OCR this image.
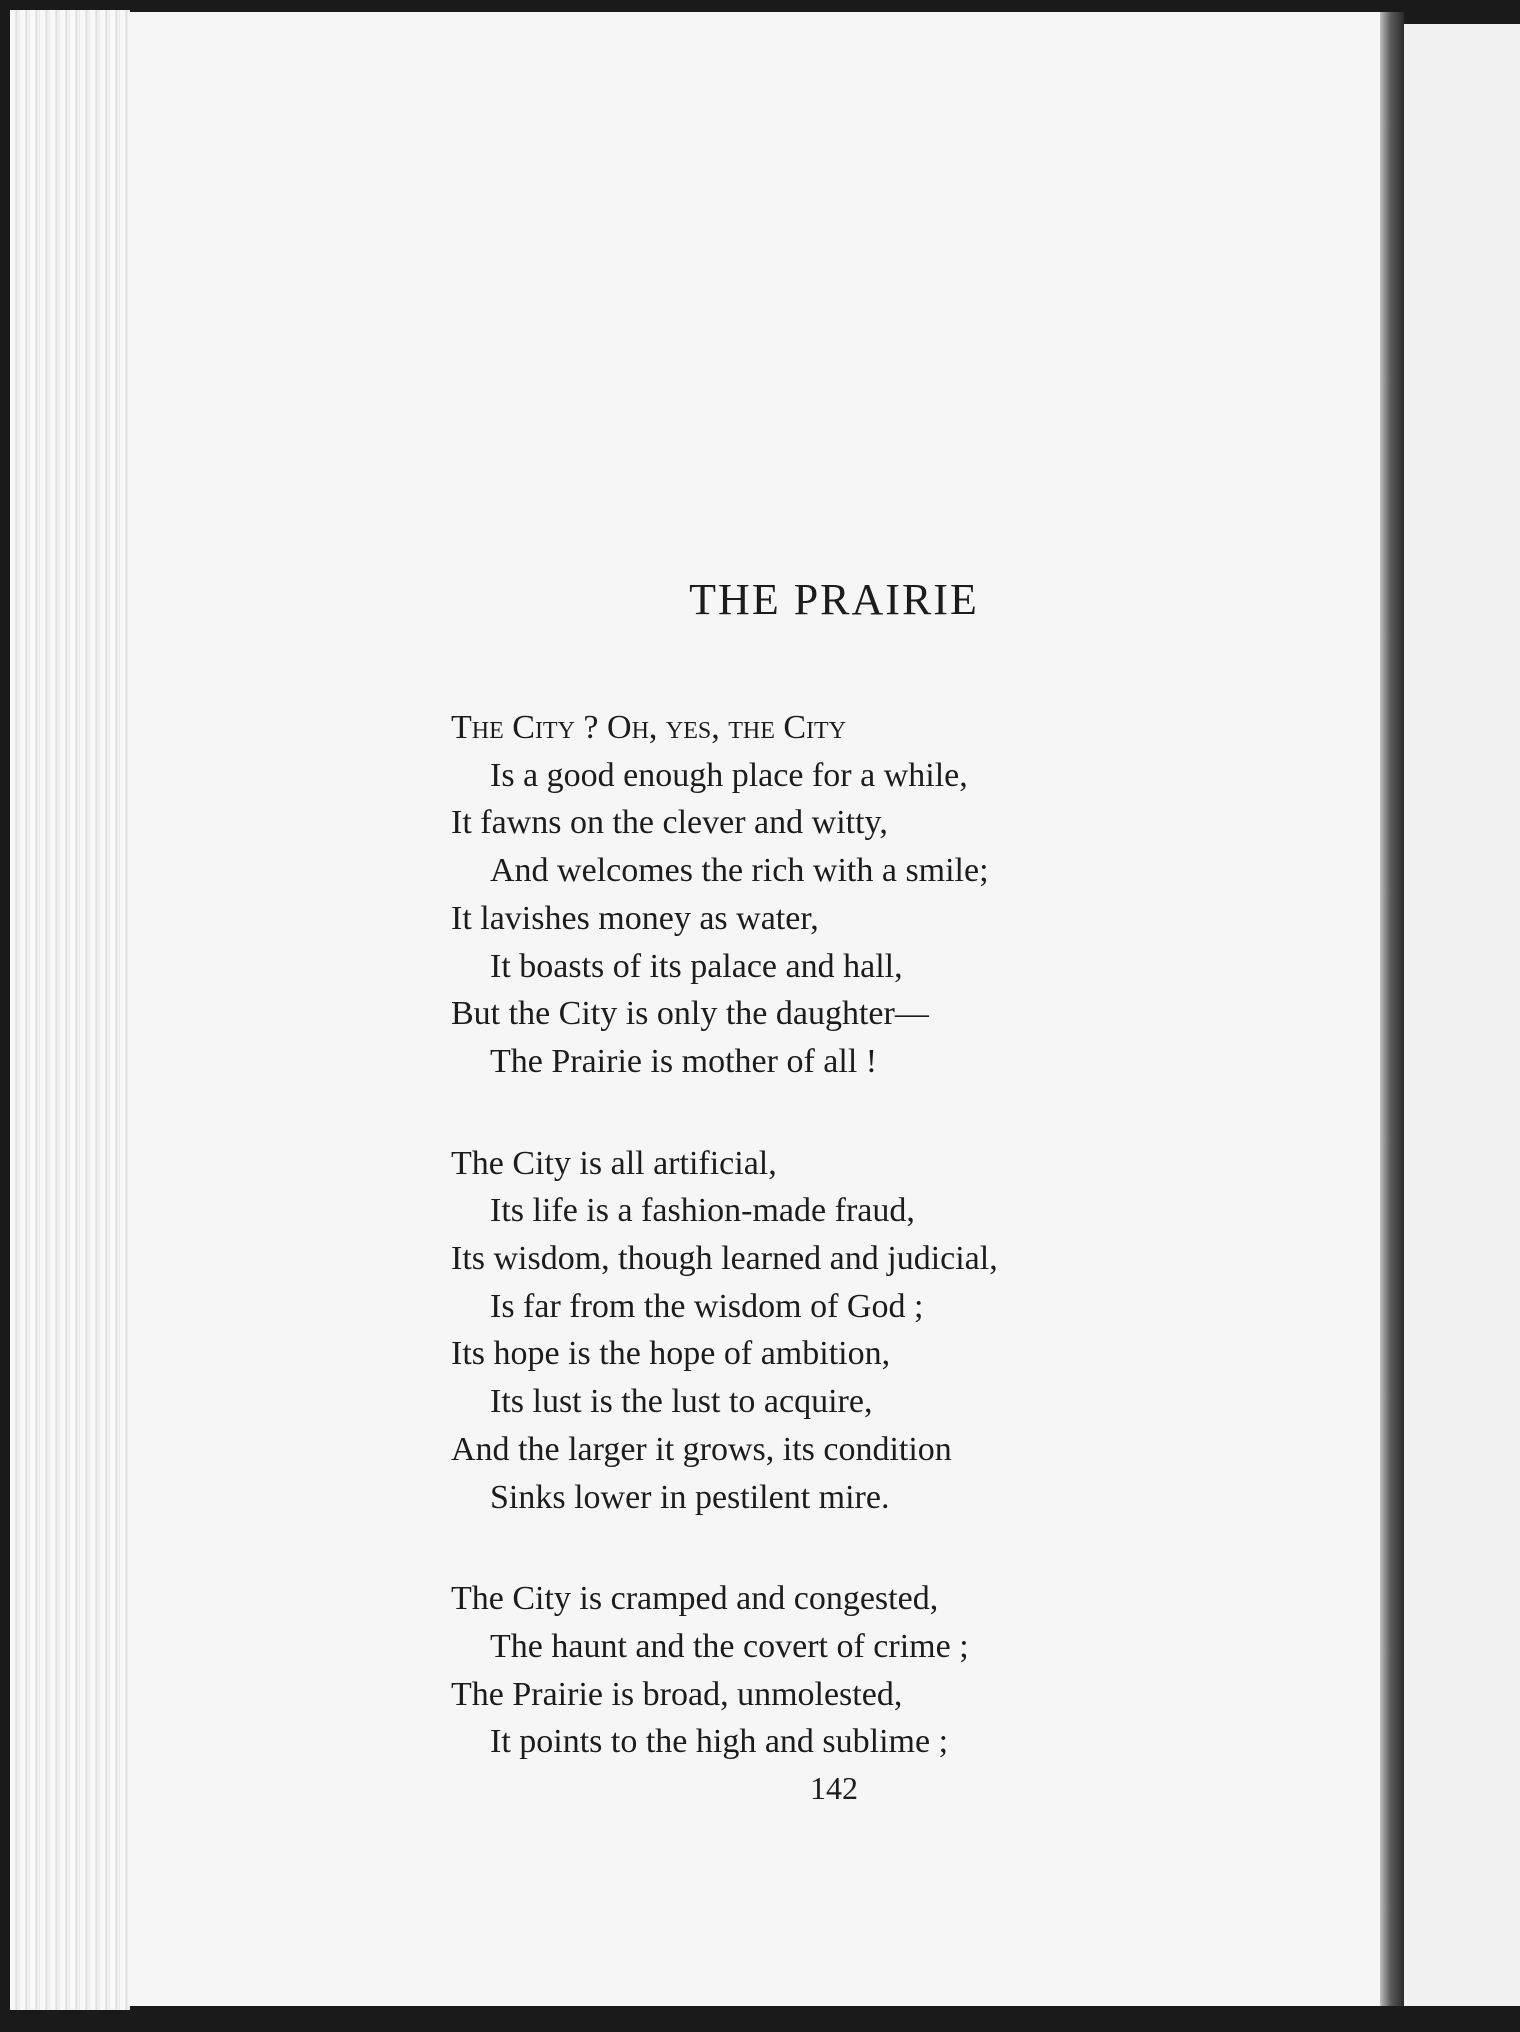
THE PRAIRIE
The City ? Oh, yes, the City
Is a good enough place for a while,
It fawns on the clever and witty,
And welcomes the rich with a smile;
It lavishes money as water,
It boasts of its palace and hall,
But the City is only the daughter—
The Prairie is mother of all !
The City is all artificial,
Its life is a fashion-made fraud,
Its wisdom, though learned and judicial,
Is far from the wisdom of God ;
Its hope is the hope of ambition,
Its lust is the lust to acquire,
And the larger it grows, its condition
Sinks lower in pestilent mire.
The City is cramped and congested,
The haunt and the covert of crime ;
The Prairie is broad, unmolested,
It points to the high and sublime ;
142
